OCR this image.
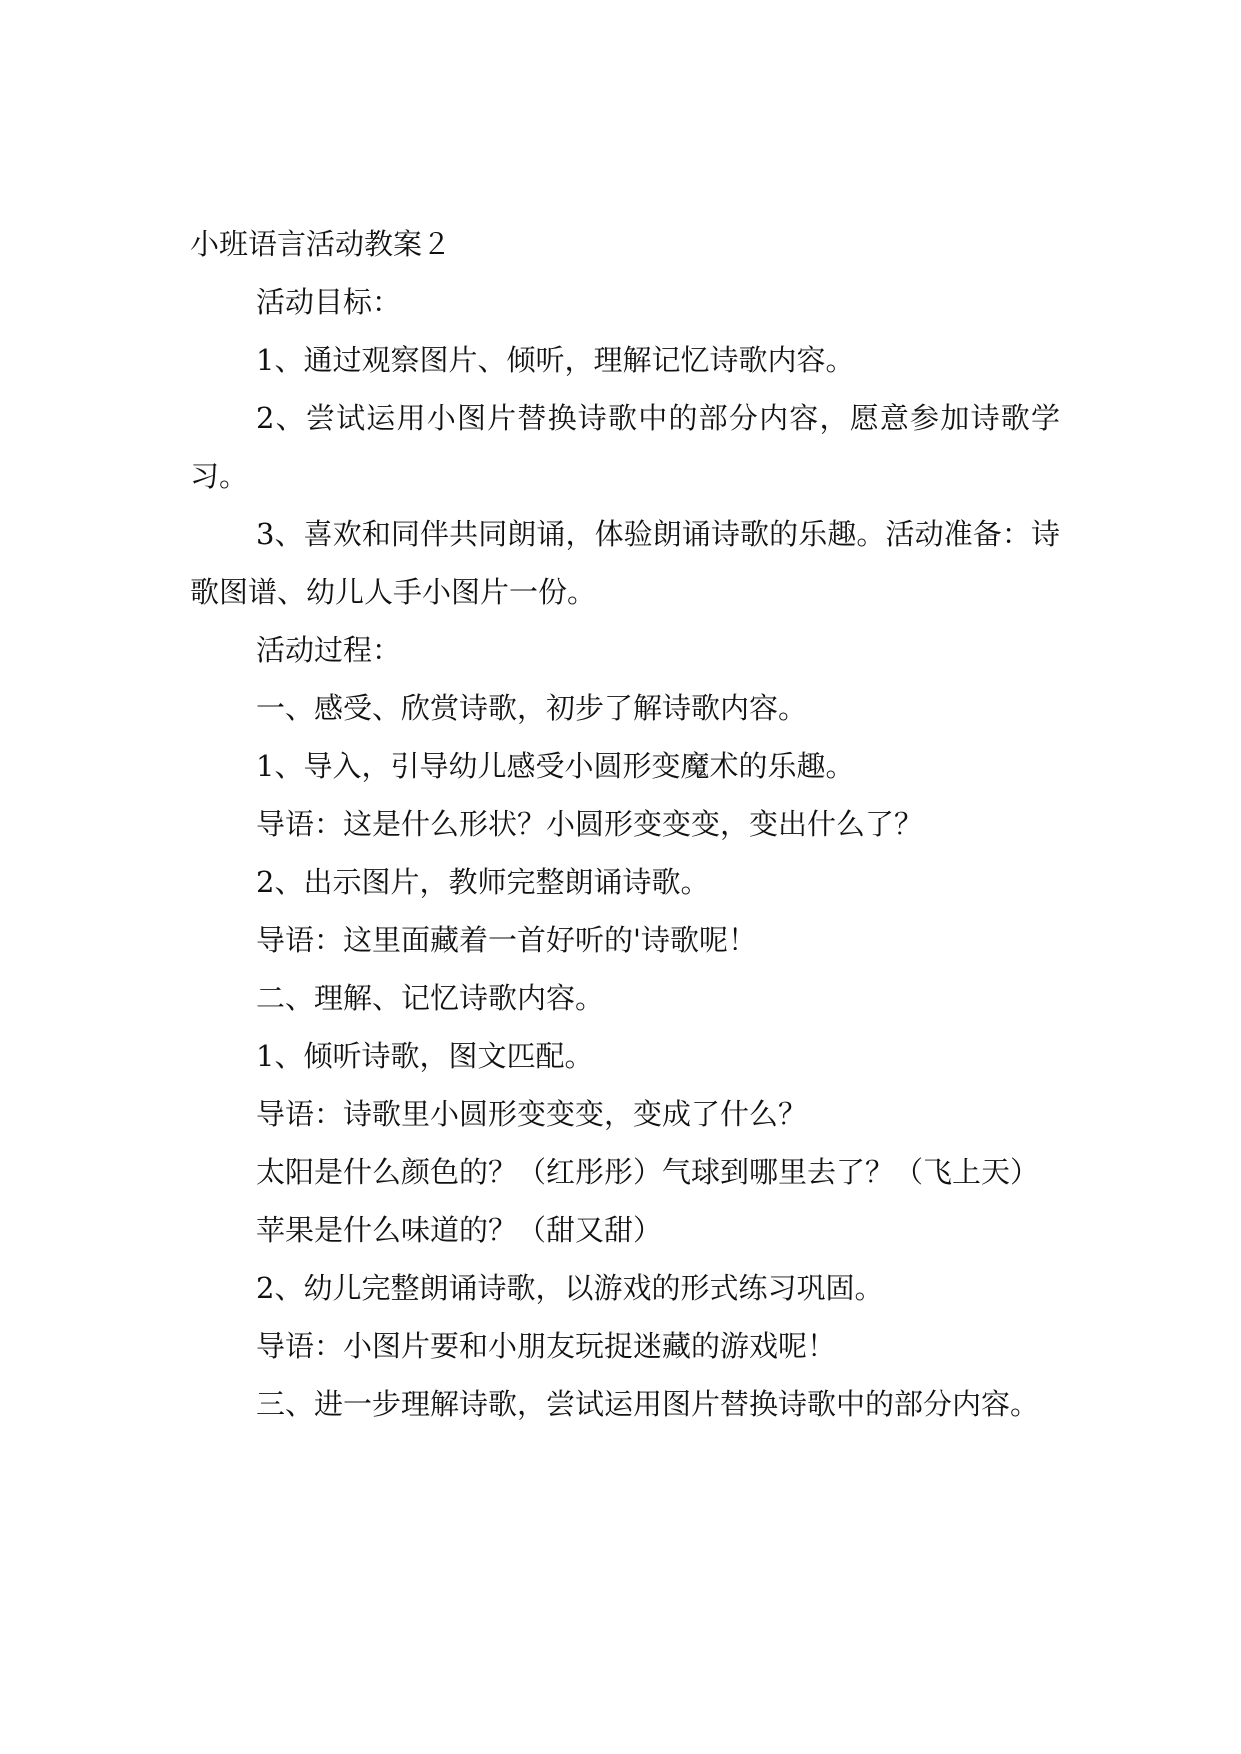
小班语言活动教案２

活动目标：

1、通过观察图片、倾听，理解记忆诗歌内容。

2、尝试运用小图片替换诗歌中的部分内容，愿意参加诗歌学习。

3、喜欢和同伴共同朗诵，体验朗诵诗歌的乐趣。活动准备：诗歌图谱、幼儿人手小图片一份。

活动过程：

一、感受、欣赏诗歌，初步了解诗歌内容。

1、导入，引导幼儿感受小圆形变魔术的乐趣。

导语：这是什么形状？小圆形变变变，变出什么了？

2、出示图片，教师完整朗诵诗歌。

导语：这里面藏着一首好听的'诗歌呢！

二、理解、记忆诗歌内容。

1、倾听诗歌，图文匹配。

导语：诗歌里小圆形变变变，变成了什么？

太阳是什么颜色的？（红彤彤）气球到哪里去了？（飞上天）

苹果是什么味道的？（甜又甜）

2、幼儿完整朗诵诗歌，以游戏的形式练习巩固。

导语：小图片要和小朋友玩捉迷藏的游戏呢！

三、进一步理解诗歌，尝试运用图片替换诗歌中的部分内容。
